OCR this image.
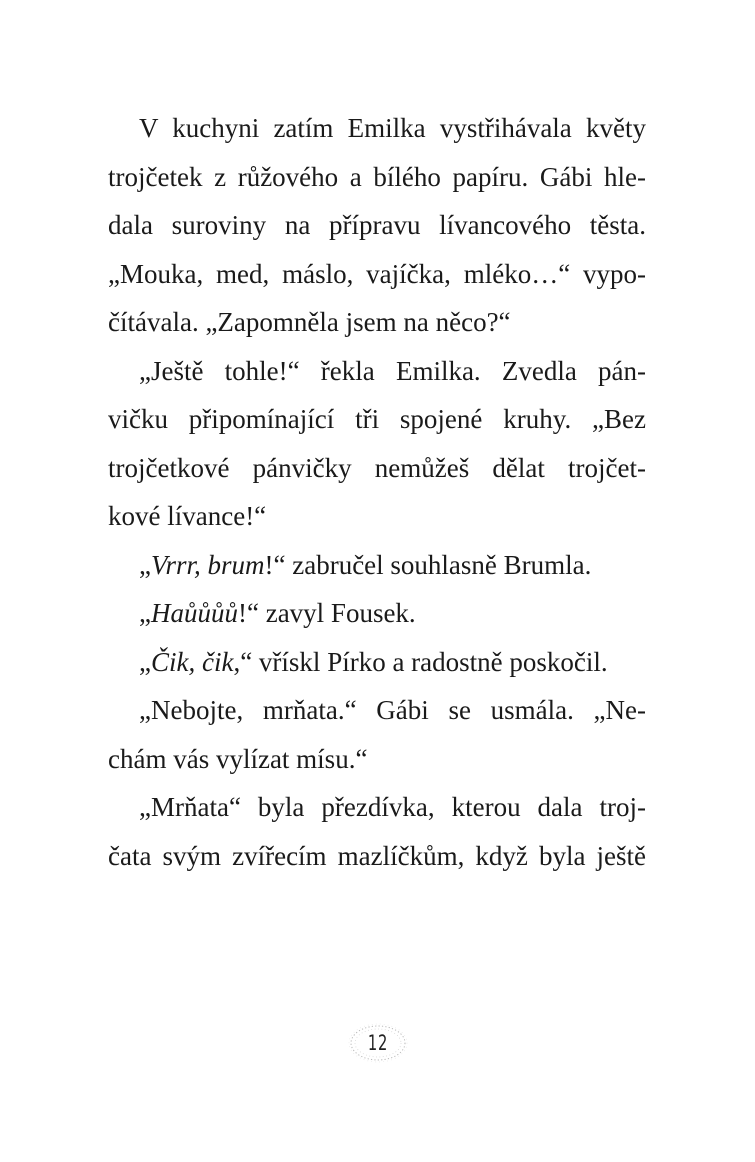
V kuchyni zatím Emilka vystřihávala květy
trojčetek z růžového a bílého papíru. Gábi hle-
dala suroviny na přípravu lívancového těsta.
„Mouka, med, máslo, vajíčka, mléko…“ vypo-
čítávala. „Zapomněla jsem na něco?“
„Ještě tohle!“ řekla Emilka. Zvedla pán-
vičku připomínající tři spojené kruhy. „Bez
trojčetkové pánvičky nemůžeš dělat trojčet-
kové lívance!“
„Vrrr, brum!“ zabručel souhlasně Brumla.
„Haůůůů!“ zavyl Fousek.
„Čik, čik,“ vřískl Pírko a radostně poskočil.
„Nebojte, mrňata.“ Gábi se usmála. „Ne-
chám vás vylízat mísu.“
„Mrňata“ byla přezdívka, kterou dala troj-
čata svým zvířecím mazlíčkům, když byla ještě
12
